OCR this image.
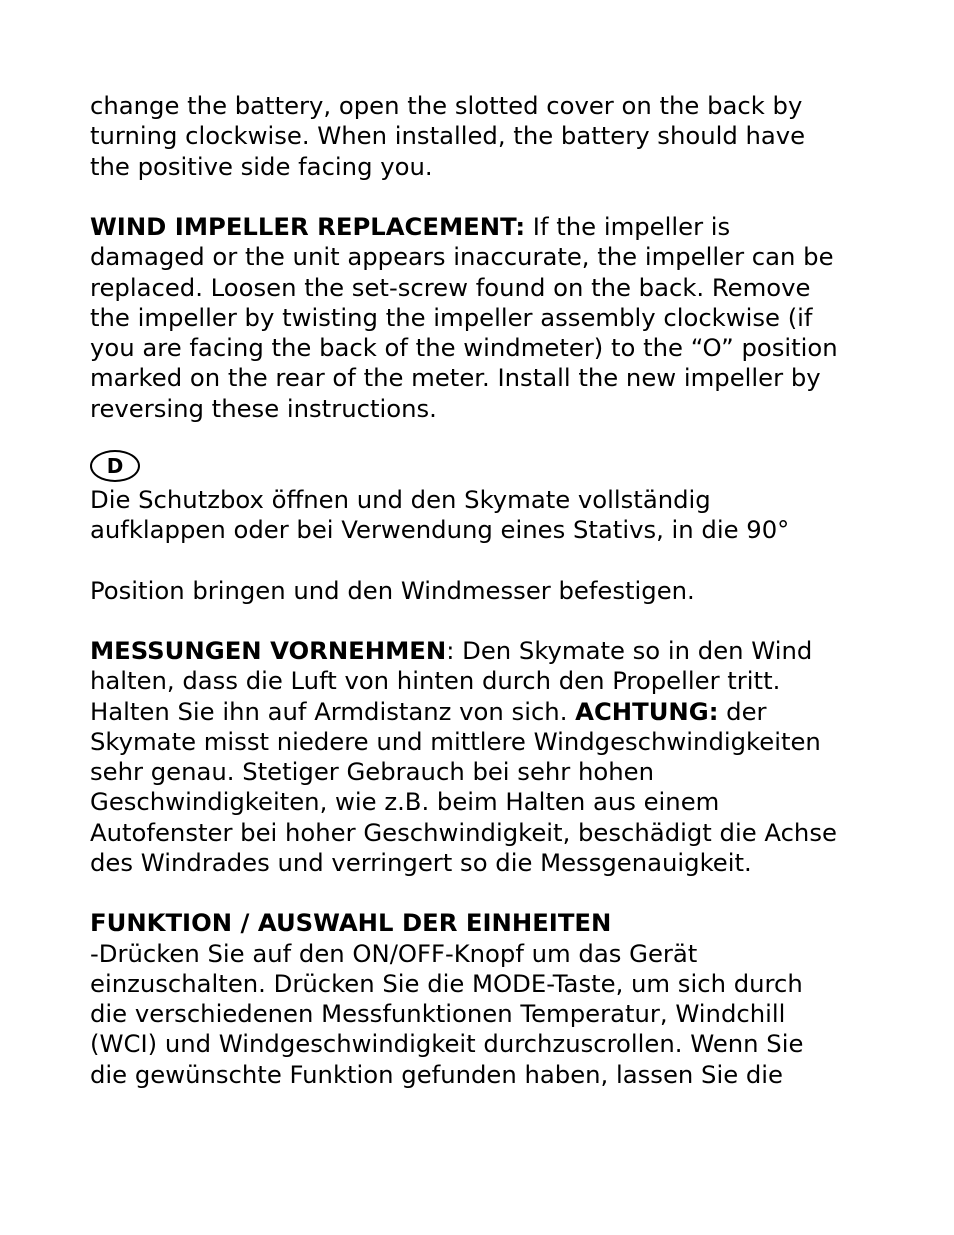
change the battery, open the slotted cover on the back by
turning clockwise. When installed, the battery should have
the positive side facing you.
WIND IMPELLER REPLACEMENT: If the impeller is
damaged or the unit appears inaccurate, the impeller can be
replaced. Loosen the set-screw found on the back. Remove
the impeller by twisting the impeller assembly clockwise (if
you are facing the back of the windmeter) to the “O” position
marked on the rear of the meter. Install the new impeller by
reversing these instructions.
D
Die Schutzbox öffnen und den Skymate vollständig
aufklappen oder bei Verwendung eines Stativs, in die 90°
Position bringen und den Windmesser befestigen.
MESSUNGEN VORNEHMEN: Den Skymate so in den Wind
halten, dass die Luft von hinten durch den Propeller tritt.
Halten Sie ihn auf Armdistanz von sich. ACHTUNG: der
Skymate misst niedere und mittlere Windgeschwindigkeiten
sehr genau. Stetiger Gebrauch bei sehr hohen
Geschwindigkeiten, wie z.B. beim Halten aus einem
Autofenster bei hoher Geschwindigkeit, beschädigt die Achse
des Windrades und verringert so die Messgenauigkeit.
FUNKTION / AUSWAHL DER EINHEITEN
-Drücken Sie auf den ON/OFF-Knopf um das Gerät
einzuschalten. Drücken Sie die MODE-Taste, um sich durch
die verschiedenen Messfunktionen Temperatur, Windchill
(WCI) und Windgeschwindigkeit durchzuscrollen. Wenn Sie
die gewünschte Funktion gefunden haben, lassen Sie die
